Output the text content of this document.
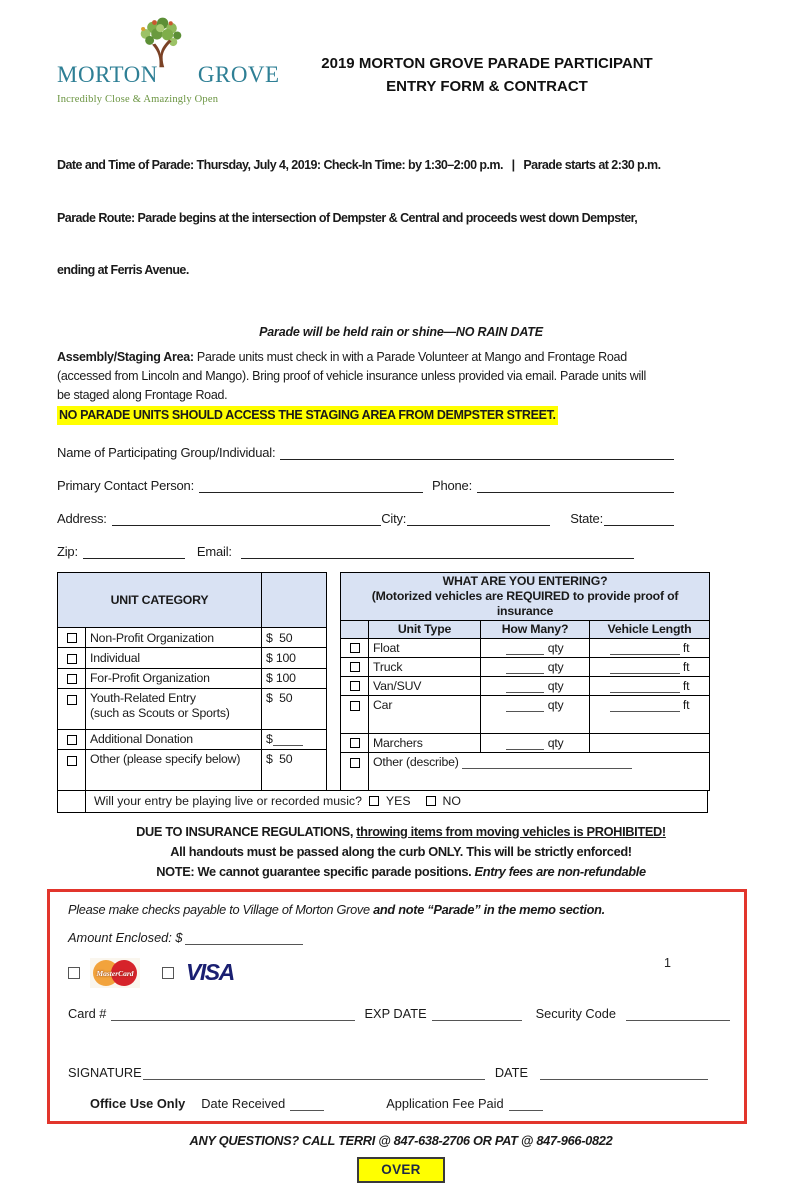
MORTON GROVE
Incredibly Close & Amazingly Open
2019 MORTON GROVE PARADE PARTICIPANT
ENTRY FORM & CONTRACT

Date and Time of Parade: Thursday, July 4, 2019: Check-In Time: by 1:30–2:00 p.m.   |   Parade starts at 2:30 p.m.

Parade Route: Parade begins at the intersection of Dempster & Central and proceeds west down Dempster,

ending at Ferris Avenue.

Parade will be held rain or shine—NO RAIN DATE
Assembly/Staging Area: Parade units must check in with a Parade Volunteer at Mango and Frontage Road
(accessed from Lincoln and Mango). Bring proof of vehicle insurance unless provided via email. Parade units will
be staged along Frontage Road.
NO PARADE UNITS SHOULD ACCESS THE STAGING AREA FROM DEMPSTER STREET.
Name of Participating Group/Individual:
Primary Contact Person:	Phone:
Address:	City:	State:
Zip:	Email:
UNIT CATEGORY		
	Non-Profit Organization	$  50
	Individual	$ 100
	For-Profit Organization	$ 100
	Youth-Related Entry
(such as Scouts or Sports)	$  50
	Additional Donation	$
	Other (please specify below)	$  50
WHAT ARE YOU ENTERING?
(Motorized vehicles are REQUIRED to provide proof of insurance			
	Unit Type	How Many?	Vehicle Length
	Float	qty	ft
	Truck	qty	ft
	Van/SUV	qty	ft
	Car	qty	ft
	Marchers	qty	
	Other (describe)		
Will your entry be playing live or recorded music? YES	NO
DUE TO INSURANCE REGULATIONS, throwing items from moving vehicles is PROHIBITED!
All handouts must be passed along the curb ONLY. This will be strictly enforced!
NOTE: We cannot guarantee specific parade positions. Entry fees are non-refundable
Please make checks payable to Village of Morton Grove and note “Parade” in the memo section.
Amount Enclosed: $
MasterCard VISA
Card #	EXP DATE	Security Code
SIGNATURE	DATE
Office Use Only Date Received	Application Fee Paid
ANY QUESTIONS? CALL TERRI @ 847-638-2706 OR PAT @ 847-966-0822
OVER
1
